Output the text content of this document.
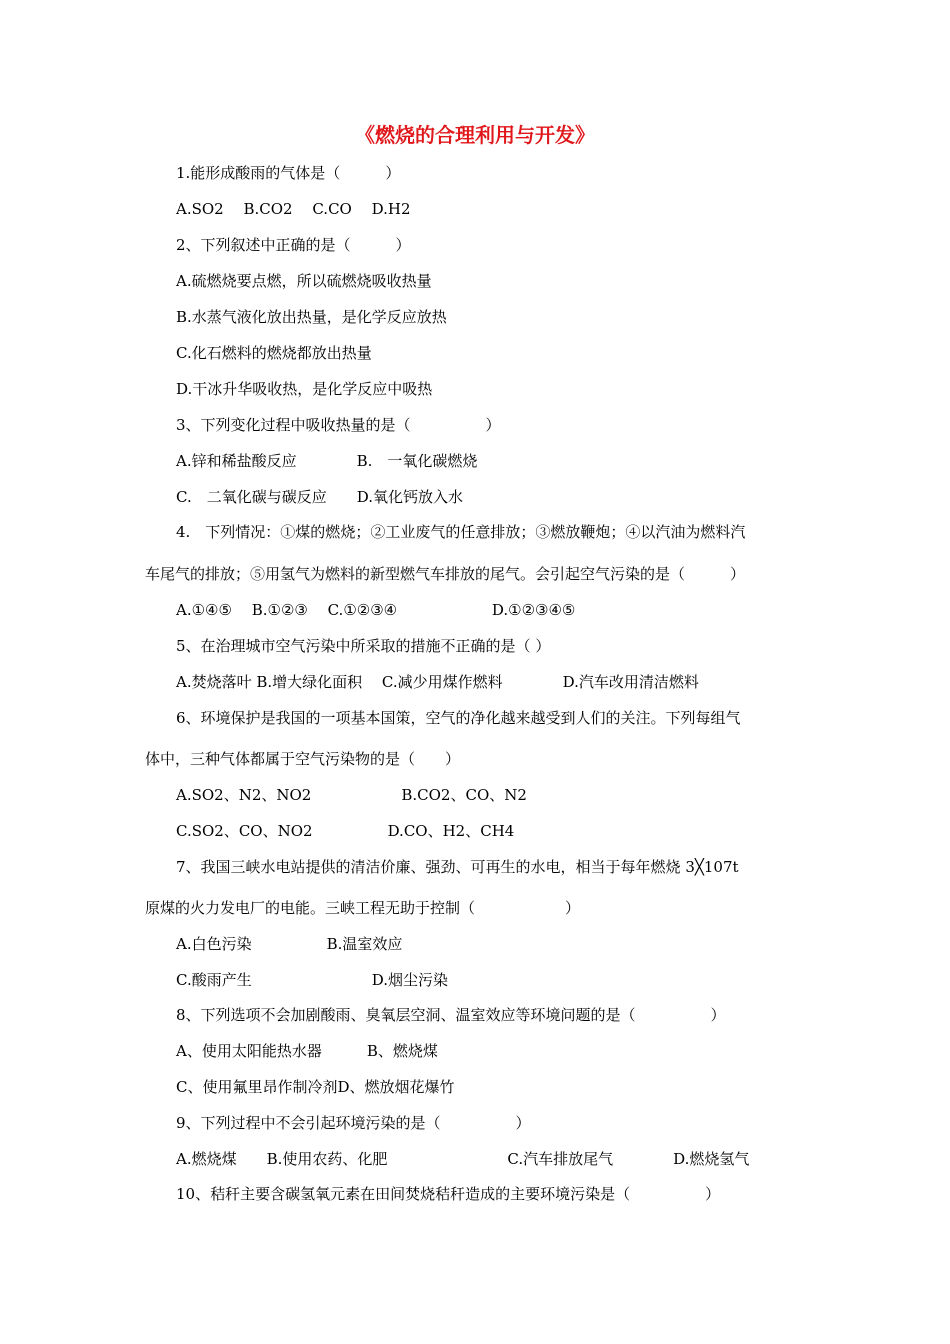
《燃烧的合理利用与开发》
1.能形成酸雨的气体是（　　　）
A.SO2　 B.CO2　 C.CO　 D.H2
2、下列叙述中正确的是（　　　）
A.硫燃烧要点燃，所以硫燃烧吸收热量
B.水蒸气液化放出热量，是化学反应放热
C.化石燃料的燃烧都放出热量
D.干冰升华吸收热，是化学反应中吸热
3、下列变化过程中吸收热量的是（　　　　　）
A.锌和稀盐酸反应　　　　B.　一氧化碳燃烧
C.　二氧化碳与碳反应　　D.氧化钙放入水
4.　下列情况：①煤的燃烧；②工业废气的任意排放；③燃放鞭炮；④以汽油为燃料汽
车尾气的排放；⑤用氢气为燃料的新型燃气车排放的尾气。会引起空气污染的是（　　　）
A.①④⑤　 B.①②③　 C.①②③④　　　　　　 D.①②③④⑤
5、在治理城市空气污染中所采取的措施不正确的是（ ）
A.焚烧落叶 B.增大绿化面积　 C.减少用煤作燃料　　　　D.汽车改用清洁燃料
6、环境保护是我国的一项基本国策，空气的净化越来越受到人们的关注。下列每组气
体中，三种气体都属于空气污染物的是（　　）
A.SO2、N2、NO2　　　　　　B.CO2、CO、N2
C.SO2、CO、NO2　　　　　D.CO、H2、CH4
7、我国三峡水电站提供的清洁价廉、强劲、可再生的水电，相当于每年燃烧 3╳107t
原煤的火力发电厂的电能。三峡工程无助于控制（　　　　　　）
A.白色污染　　　　　B.温室效应
C.酸雨产生　　　　　　　　D.烟尘污染
8、下列选项不会加剧酸雨、臭氧层空洞、温室效应等环境问题的是（　　　　　）
A、使用太阳能热水器　　　B、燃烧煤
C、使用氟里昂作制冷剂D、燃放烟花爆竹
9、下列过程中不会引起环境污染的是（　　　　　）
A.燃烧煤　　B.使用农药、化肥　　　　　　　　C.汽车排放尾气　　　　D.燃烧氢气
10、秸秆主要含碳氢氧元素在田间焚烧秸秆造成的主要环境污染是（　　　　　）
